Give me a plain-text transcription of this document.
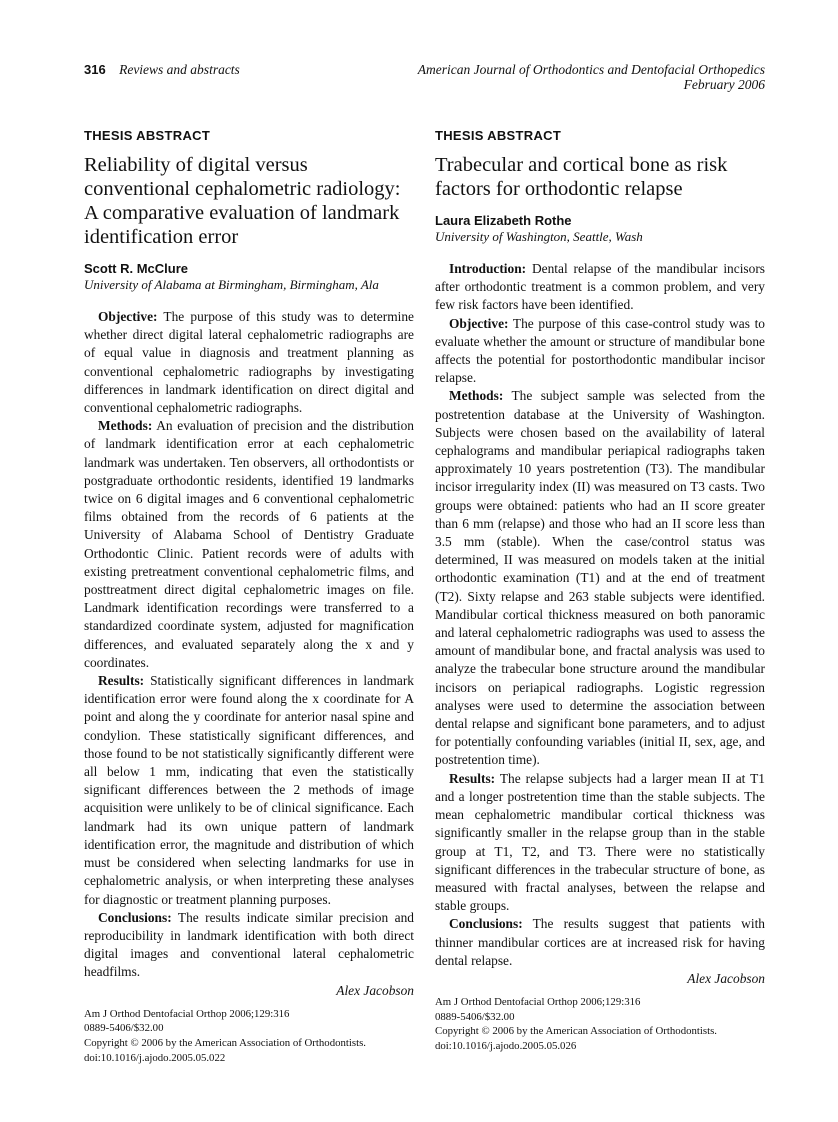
316 Reviews and abstracts	American Journal of Orthodontics and Dentofacial Orthopedics
February 2006
THESIS ABSTRACT
Reliability of digital versus conventional cephalometric radiology: A comparative evaluation of landmark identification error
Scott R. McClure
University of Alabama at Birmingham, Birmingham, Ala

Objective: The purpose of this study was to determine whether direct digital lateral cephalometric radiographs are of equal value in diagnosis and treatment planning as conventional cephalometric radiographs by investigating differences in landmark identification on direct digital and conventional cephalometric radiographs.

Methods: An evaluation of precision and the distribution of landmark identification error at each cephalometric landmark was undertaken. Ten observers, all orthodontists or postgraduate orthodontic residents, identified 19 landmarks twice on 6 digital images and 6 conventional cephalometric films obtained from the records of 6 patients at the University of Alabama School of Dentistry Graduate Orthodontic Clinic. Patient records were of adults with existing pretreatment conventional cephalometric films, and posttreatment direct digital cephalometric images on file. Landmark identification recordings were transferred to a standardized coordinate system, adjusted for magnification differences, and evaluated separately along the x and y coordinates.

Results: Statistically significant differences in landmark identification error were found along the x coordinate for A point and along the y coordinate for anterior nasal spine and condylion. These statistically significant differences, and those found to be not statistically significantly different were all below 1 mm, indicating that even the statistically significant differences between the 2 methods of image acquisition were unlikely to be of clinical significance. Each landmark had its own unique pattern of landmark identification error, the magnitude and distribution of which must be considered when selecting landmarks for use in cephalometric analysis, or when interpreting these analyses for diagnostic or treatment planning purposes.

Conclusions: The results indicate similar precision and reproducibility in landmark identification with both direct digital images and conventional lateral cephalometric headfilms.

Alex Jacobson
Am J Orthod Dentofacial Orthop 2006;129:316
0889-5406/$32.00
Copyright © 2006 by the American Association of Orthodontists.
doi:10.1016/j.ajodo.2005.05.022
THESIS ABSTRACT
Trabecular and cortical bone as risk factors for orthodontic relapse
Laura Elizabeth Rothe
University of Washington, Seattle, Wash

Introduction: Dental relapse of the mandibular incisors after orthodontic treatment is a common problem, and very few risk factors have been identified.

Objective: The purpose of this case-control study was to evaluate whether the amount or structure of mandibular bone affects the potential for postorthodontic mandibular incisor relapse.

Methods: The subject sample was selected from the postretention database at the University of Washington. Subjects were chosen based on the availability of lateral cephalograms and mandibular periapical radiographs taken approximately 10 years postretention (T3). The mandibular incisor irregularity index (II) was measured on T3 casts. Two groups were obtained: patients who had an II score greater than 6 mm (relapse) and those who had an II score less than 3.5 mm (stable). When the case/control status was determined, II was measured on models taken at the initial orthodontic examination (T1) and at the end of treatment (T2). Sixty relapse and 263 stable subjects were identified. Mandibular cortical thickness measured on both panoramic and lateral cephalometric radiographs was used to assess the amount of mandibular bone, and fractal analysis was used to analyze the trabecular bone structure around the mandibular incisors on periapical radiographs. Logistic regression analyses were used to determine the association between dental relapse and significant bone parameters, and to adjust for potentially confounding variables (initial II, sex, age, and postretention time).

Results: The relapse subjects had a larger mean II at T1 and a longer postretention time than the stable subjects. The mean cephalometric mandibular cortical thickness was significantly smaller in the relapse group than in the stable group at T1, T2, and T3. There were no statistically significant differences in the trabecular structure of bone, as measured with fractal analyses, between the relapse and stable groups.

Conclusions: The results suggest that patients with thinner mandibular cortices are at increased risk for having dental relapse.

Alex Jacobson
Am J Orthod Dentofacial Orthop 2006;129:316
0889-5406/$32.00
Copyright © 2006 by the American Association of Orthodontists.
doi:10.1016/j.ajodo.2005.05.026
